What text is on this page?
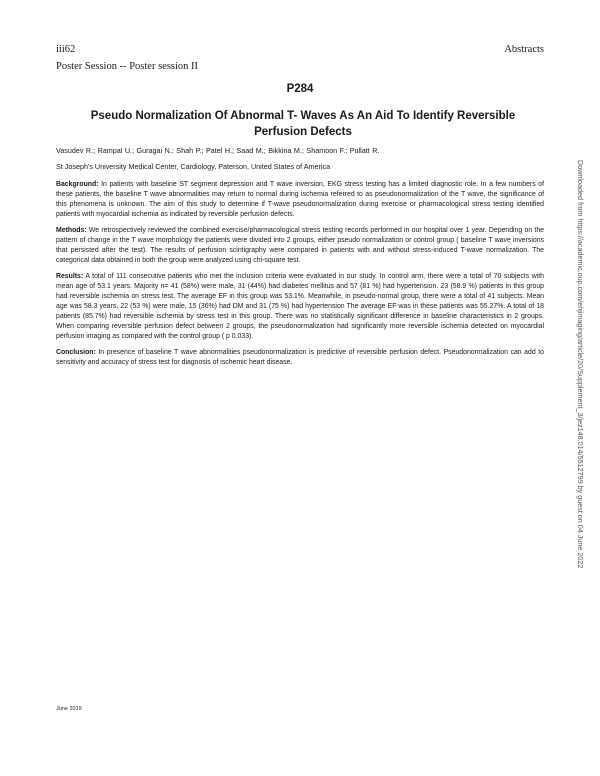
iii62	Abstracts
Poster Session -- Poster session II
P284
Pseudo Normalization Of Abnormal T- Waves As An Aid To Identify Reversible Perfusion Defects
Vasudev R.; Rampal U.; Guragai N.; Shah P.; Patel H.; Saad M.; Bikkina M.; Shamoon F.; Pullatt R.
St Joseph's University Medical Center, Cardiology, Paterson, United States of America

Background: In patients with baseline ST segment depression and T wave inversion, EKG stress testing has a limited diagnostic role. In a few numbers of these patients, the baseline T wave abnormalities may return to normal during ischemia referred to as pseudonormalization of the T wave, the significance of this phenomena is unknown. The aim of this study to determine if T-wave pseudonormalization during exercise or pharmacological stress testing identified patients with myocardial ischemia as indicated by reversible perfusion defects.

Methods: We retrospectively reviewed the combined exercise/pharmacological stress testing records performed in our hospital over 1 year. Depending on the pattern of change in the T wave morphology the patients were divided into 2 groups, either pseudo normalization or control group ( baseline T wave inversions that persisted after the test). The results of perfusion scintigraphy were compared in patients with and without stress-induced T-wave normalization. The categorical data obtained in both the group were analyzed using chi-square test.

Results: A total of 111 consecutive patients who met the inclusion criteria were evaluated in our study. In control arm, there were a total of 70 subjects with mean age of 53.1 years. Majority n= 41 (58%) were male, 31 (44%) had diabetes mellitus and 57 (81 %) had hypertension. 23 (58.9 %) patients in this group had reversible ischemia on stress test. The average EF in this group was 53.1%. Meanwhile, in pseudo-normal group, there were a total of 41 subjects. Mean age was 58.3 years, 22 (53 %) were male, 15 (36%) had DM and 31 (75 %) had hypertension The average EF was in these patients was 55.27%. A total of 18 patients (85.7%) had reversible ischemia by stress test in this group. There was no statistically significant difference in baseline characteristics in 2 groups. When comparing reversible perfusion defect between 2 groups, the pseudonormalization had significantly more reversible ischemia detected on myocardial perfusion imaging as compared with the control group ( p 0.033).

Conclusion: In presence of baseline T wave abnormalities pseudonormalization is predictive of reversible perfusion defect. Pseudonormalization can add to sensitivity and accuracy of stress test for diagnosis of ischemic heart disease.

June 2019
Downloaded from https://academic.oup.com/ehjimaging/article/20/Supplement_3/jez148.014/5512799 by guest on 04 June 2022
